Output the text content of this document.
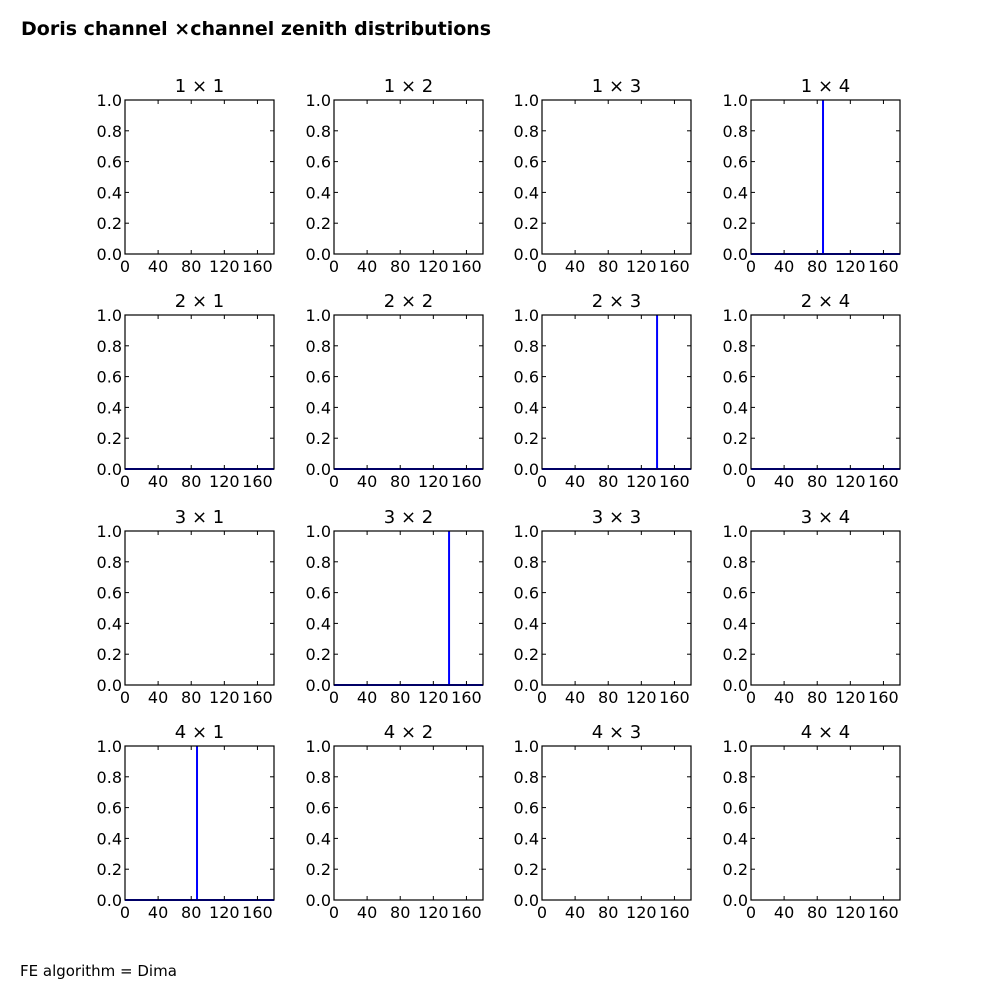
Doris channel ×channel zenith distributions
1 × 1
0.0
0.2
0.4
0.6
0.8
1.0
0 40 80 120 160
1 × 2
0.0
0.2
0.4
0.6
0.8
1.0
0 40 80 120 160
1 × 3
0.0
0.2
0.4
0.6
0.8
1.0
0 40 80 120 160
1 × 4
0.0
0.2
0.4
0.6
0.8
1.0
0 40 80 120 160
2 × 1
0.0
0.2
0.4
0.6
0.8
1.0
0 40 80 120 160
2 × 2
0.0
0.2
0.4
0.6
0.8
1.0
0 40 80 120 160
2 × 3
0.0
0.2
0.4
0.6
0.8
1.0
0 40 80 120 160
2 × 4
0.0
0.2
0.4
0.6
0.8
1.0
0 40 80 120 160
3 × 1
0.0
0.2
0.4
0.6
0.8
1.0
0 40 80 120 160
3 × 2
0.0
0.2
0.4
0.6
0.8
1.0
0 40 80 120 160
3 × 3
0.0
0.2
0.4
0.6
0.8
1.0
0 40 80 120 160
3 × 4
0.0
0.2
0.4
0.6
0.8
1.0
0 40 80 120 160
4 × 1
0.0
0.2
0.4
0.6
0.8
1.0
0 40 80 120 160
4 × 2
0.0
0.2
0.4
0.6
0.8
1.0
0 40 80 120 160
4 × 3
0.0
0.2
0.4
0.6
0.8
1.0
0 40 80 120 160
4 × 4
0.0
0.2
0.4
0.6
0.8
1.0
0 40 80 120 160
FE algorithm = Dima
